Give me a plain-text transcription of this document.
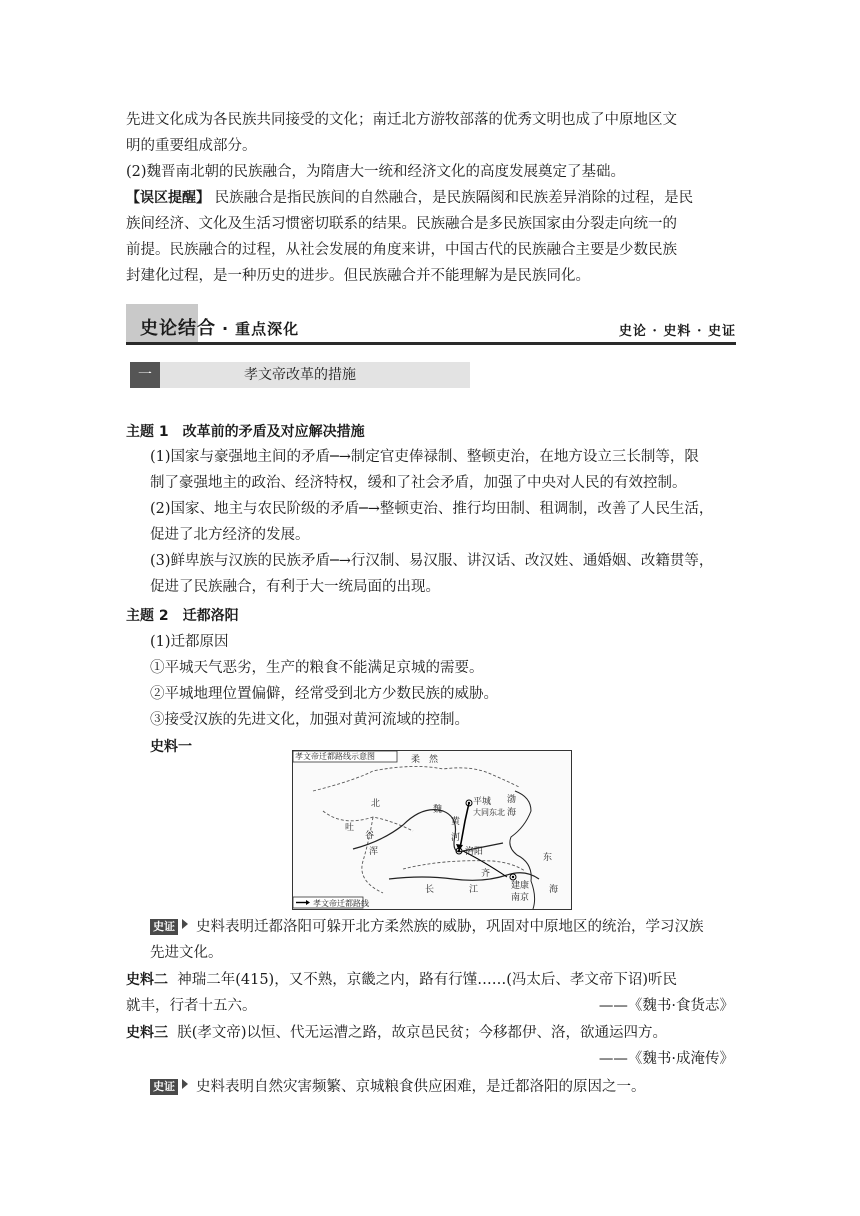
先进文化成为各民族共同接受的文化；南迁北方游牧部落的优秀文明也成了中原地区文

明的重要组成部分。

(2)魏晋南北朝的民族融合，为隋唐大一统和经济文化的高度发展奠定了基础。

【误区提醒】 民族融合是指民族间的自然融合，是民族隔阂和民族差异消除的过程，是民

族间经济、文化及生活习惯密切联系的结果。民族融合是多民族国家由分裂走向统一的

前提。民族融合的过程，从社会发展的角度来讲，中国古代的民族融合主要是少数民族

封建化过程，是一种历史的进步。但民族融合并不能理解为是民族同化。

史论结合 · 重点深化	史论 · 史料 · 史证
孝文帝改革的措施
一

主题 1　改革前的矛盾及对应解决措施

(1)国家与豪强地主间的矛盾─→制定官吏俸禄制、整顿吏治，在地方设立三长制等，限

制了豪强地主的政治、经济特权，缓和了社会矛盾，加强了中央对人民的有效控制。

(2)国家、地主与农民阶级的矛盾─→整顿吏治、推行均田制、租调制，改善了人民生活，

促进了北方经济的发展。

(3)鲜卑族与汉族的民族矛盾─→行汉制、易汉服、讲汉话、改汉姓、通婚姻、改籍贯等，

促进了民族融合，有利于大一统局面的出现。

主题 2　迁都洛阳

(1)迁都原因

①平城天气恶劣，生产的粮食不能满足京城的需要。

②平城地理位置偏僻，经常受到北方少数民族的威胁。

③接受汉族的先进文化，加强对黄河流域的控制。

史料一

孝文帝迁都路线示意图	柔　然
北
魏
吐
谷
浑
黄
河
平城
大同东北
渤
海
洛阳
东
海
建康
南京
长	江
齐
孝文帝迁都路线

史证 史料表明迁都洛阳可躲开北方柔然族的威胁，巩固对中原地区的统治，学习汉族

先进文化。

史料二 神瑞二年(415)，又不熟，京畿之内，路有行馑……(冯太后、孝文帝下诏)听民

就丰，行者十五六。	——《魏书·食货志》

史料三 朕(孝文帝)以恒、代无运漕之路，故京邑民贫；今移都伊、洛，欲通运四方。

——《魏书·成淹传》

史证 史料表明自然灾害频繁、京城粮食供应困难，是迁都洛阳的原因之一。
